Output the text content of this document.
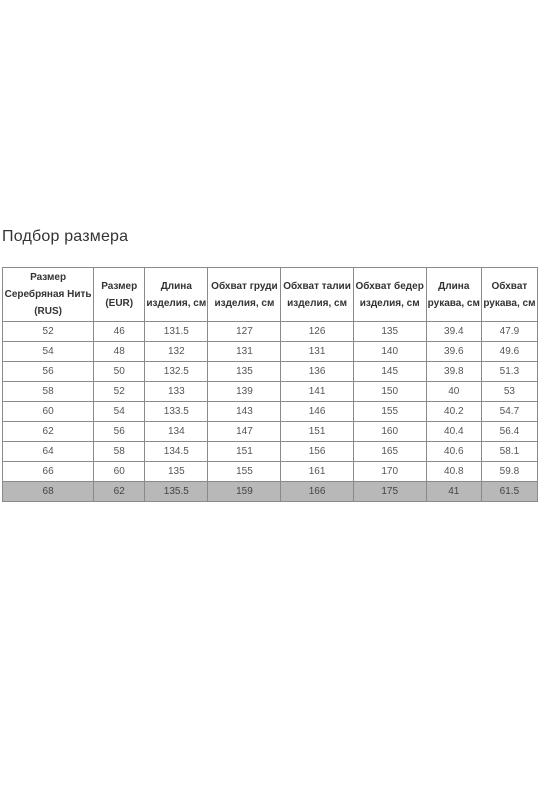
Подбор размера
Размер Серебряная Нить (RUS)	Размер (EUR)	Длина изделия, см	Обхват груди изделия, см	Обхват талии изделия, см	Обхват бедер изделия, см	Длина рукава, см	Обхват рукава, см
52	46	131.5	127	126	135	39.4	47.9
54	48	132	131	131	140	39.6	49.6
56	50	132.5	135	136	145	39.8	51.3
58	52	133	139	141	150	40	53
60	54	133.5	143	146	155	40.2	54.7
62	56	134	147	151	160	40.4	56.4
64	58	134.5	151	156	165	40.6	58.1
66	60	135	155	161	170	40.8	59.8
68	62	135.5	159	166	175	41	61.5
